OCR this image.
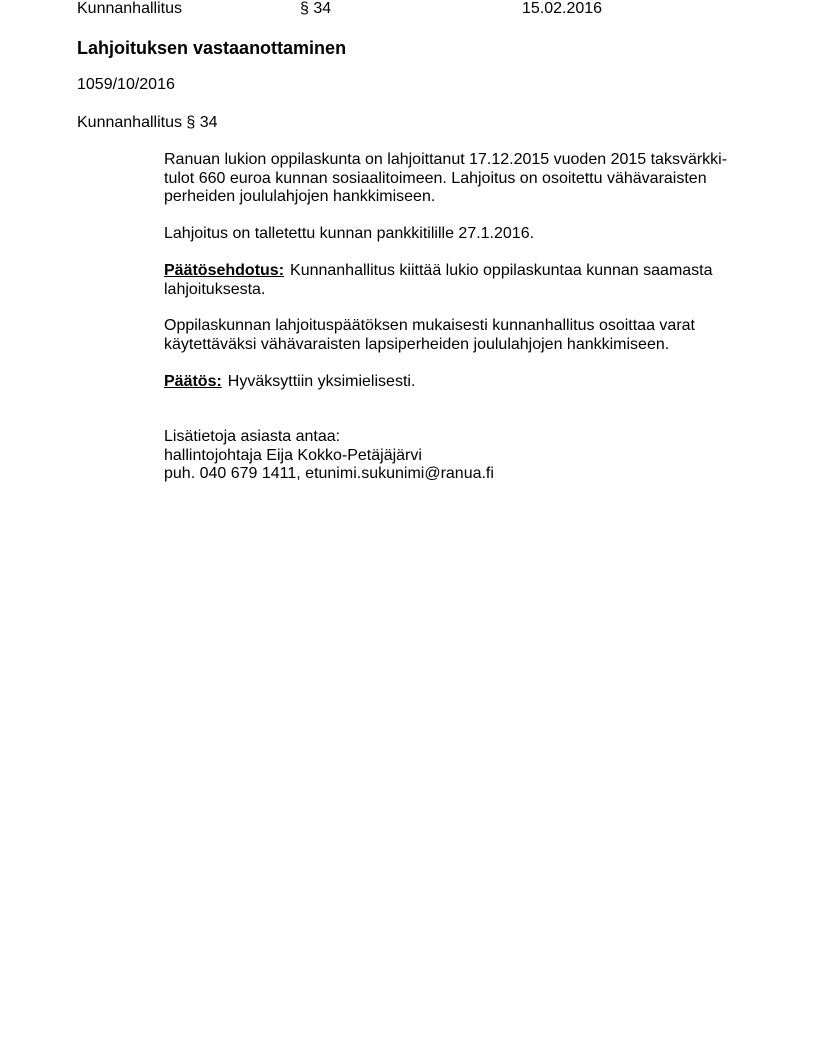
Kunnanhallitus	§ 34	15.02.2016
Lahjoituksen vastaanottaminen
1059/10/2016
Kunnanhallitus § 34
Ranuan lukion oppilaskunta on lahjoittanut 17.12.2015 vuoden 2015 taksvärkki-
tulot 660 euroa kunnan sosiaalitoimeen. Lahjoitus on osoitettu vähävaraisten
perheiden joululahjojen hankkimiseen.
Lahjoitus on talletettu kunnan pankkitilille 27.1.2016.
Päätösehdotus: Kunnanhallitus kiittää lukio oppilaskuntaa kunnan saamasta
lahjoituksesta.
Oppilaskunnan lahjoituspäätöksen mukaisesti kunnanhallitus osoittaa varat
käytettäväksi vähävaraisten lapsiperheiden joululahjojen hankkimiseen.
Päätös: Hyväksyttiin yksimielisesti.
Lisätietoja asiasta antaa:
hallintojohtaja Eija Kokko-Petäjäjärvi
puh. 040 679 1411, etunimi.sukunimi@ranua.fi
